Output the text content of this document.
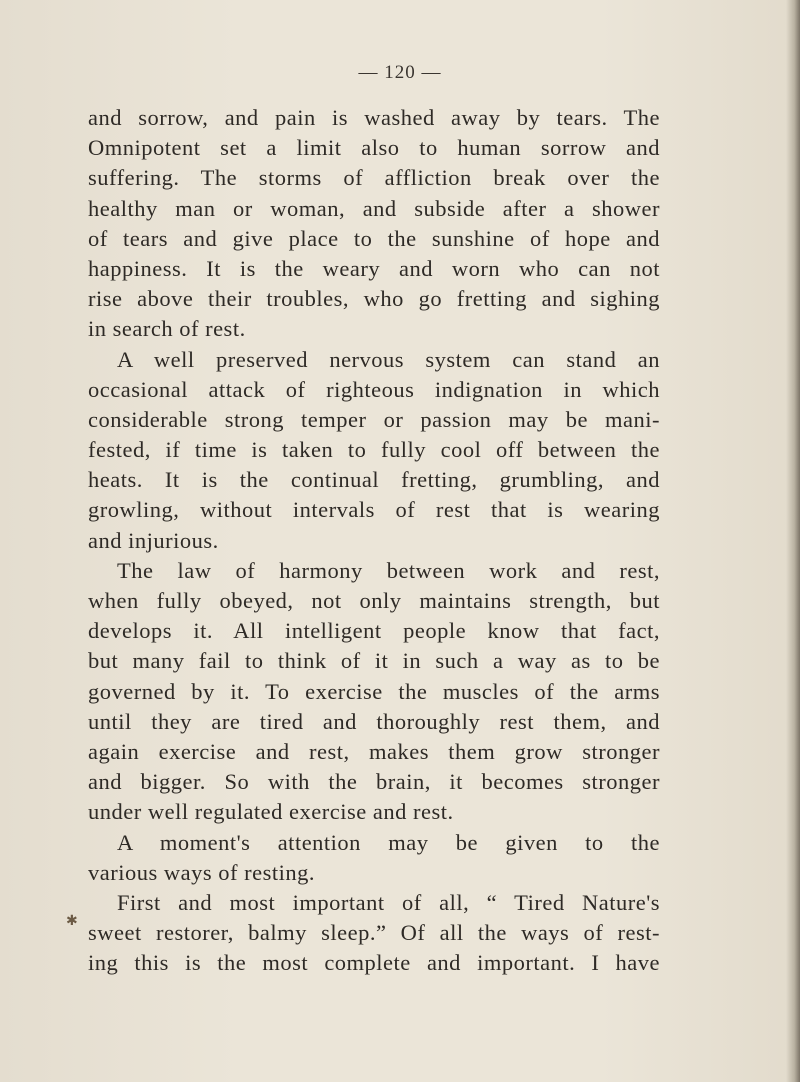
— 120 —
and sorrow, and pain is washed away by tears. The
Omnipotent set a limit also to human sorrow and
suffering. The storms of affliction break over the
healthy man or woman, and subside after a shower
of tears and give place to the sunshine of hope and
happiness. It is the weary and worn who can not
rise above their troubles, who go fretting and sighing
in search of rest.
A well preserved nervous system can stand an
occasional attack of righteous indignation in which
considerable strong temper or passion may be mani-
fested, if time is taken to fully cool off between the
heats. It is the continual fretting, grumbling, and
growling, without intervals of rest that is wearing
and injurious.
The law of harmony between work and rest,
when fully obeyed, not only maintains strength, but
develops it. All intelligent people know that fact,
but many fail to think of it in such a way as to be
governed by it. To exercise the muscles of the arms
until they are tired and thoroughly rest them, and
again exercise and rest, makes them grow stronger
and bigger. So with the brain, it becomes stronger
under well regulated exercise and rest.
A moment's attention may be given to the
various ways of resting.
First and most important of all, “ Tired Nature's
sweet restorer, balmy sleep.” Of all the ways of rest-
ing this is the most complete and important. I have
✱
